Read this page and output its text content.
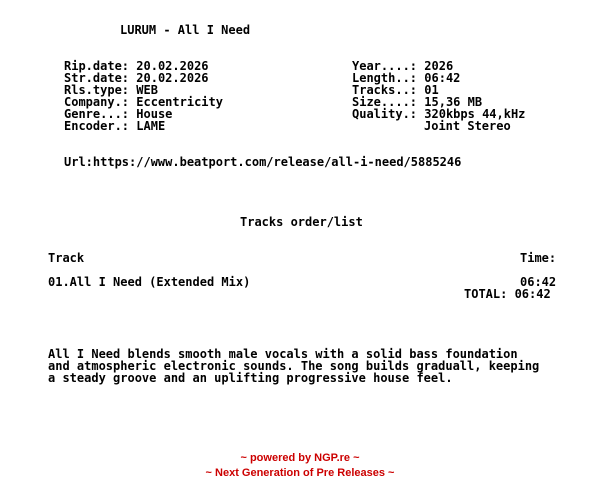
LURUM - All I Need
Rip.date: 20.02.2026
Str.date: 20.02.2026
Rls.type: WEB
Company.: Eccentricity
Genre...: House
Encoder.: LAME
Year....: 2026
Length..: 06:42
Tracks..: 01
Size....: 15,36 MB
Quality.: 320kbps 44,kHz
Joint Stereo
Url:https://www.beatport.com/release/all-i-need/5885246
Tracks order/list
Track	Time:
01.All I Need (Extended Mix)	06:42
TOTAL: 06:42
All I Need blends smooth male vocals with a solid bass foundation
and atmospheric electronic sounds. The song builds graduall, keeping
a steady groove and an uplifting progressive house feel.
~ powered by NGP.re ~
~ Next Generation of Pre Releases ~
